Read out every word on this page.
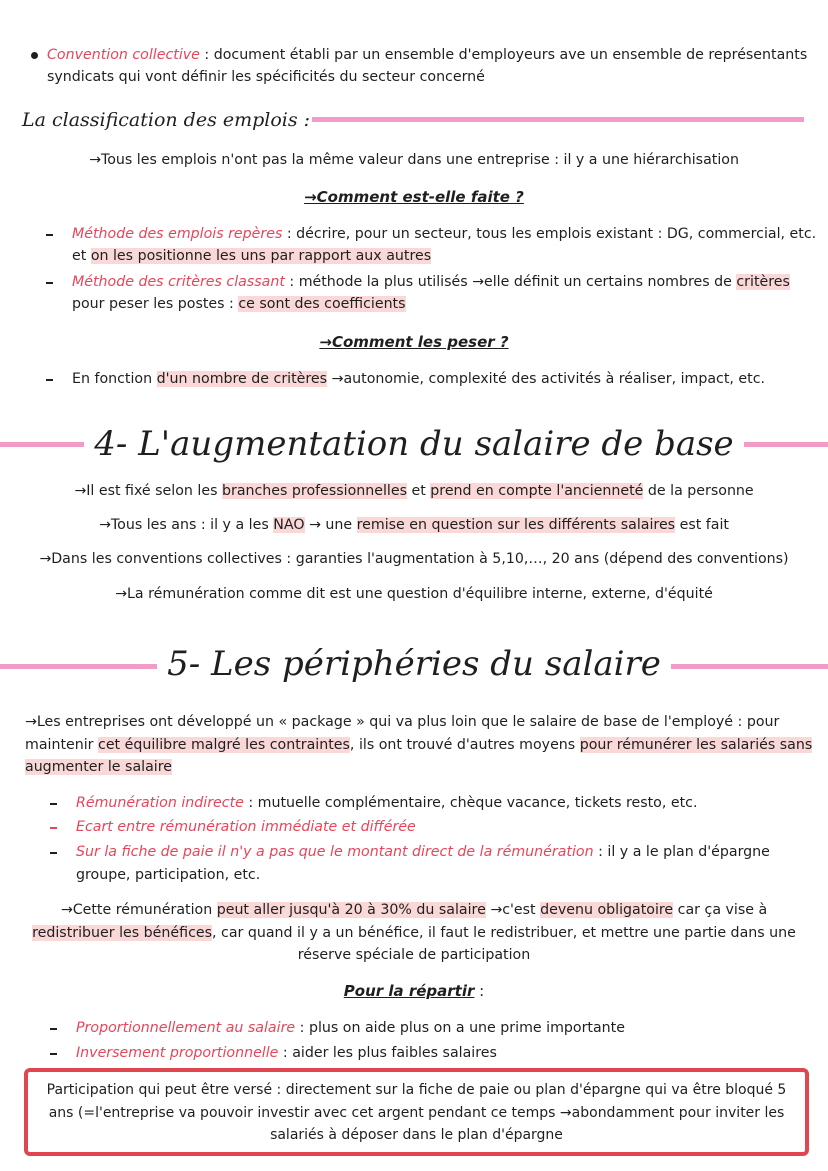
Convention collective : document établi par un ensemble d'employeurs ave un ensemble de représentants
syndicats qui vont définir les spécificités du secteur concerné
La classification des emplois :
→Tous les emplois n'ont pas la même valeur dans une entreprise : il y a une hiérarchisation
→Comment est-elle faite ?
Méthode des emplois repères : décrire, pour un secteur, tous les emplois existant : DG, commercial, etc.
et on les positionne les uns par rapport aux autres
Méthode des critères classant : méthode la plus utilisés →elle définit un certains nombres de critères
pour peser les postes : ce sont des coefficients
→Comment les peser ?
En fonction d'un nombre de critères →autonomie, complexité des activités à réaliser, impact, etc.
4- L'augmentation du salaire de base
→Il est fixé selon les branches professionnelles et prend en compte l'ancienneté de la personne
→Tous les ans : il y a les NAO → une remise en question sur les différents salaires est fait
→Dans les conventions collectives : garanties l'augmentation à 5,10,…, 20 ans (dépend des conventions)
→La rémunération comme dit est une question d'équilibre interne, externe, d'équité
5- Les périphéries du salaire
→Les entreprises ont développé un « package » qui va plus loin que le salaire de base de l'employé : pour
maintenir cet équilibre malgré les contraintes, ils ont trouvé d'autres moyens pour rémunérer les salariés sans
augmenter le salaire
Rémunération indirecte : mutuelle complémentaire, chèque vacance, tickets resto, etc.
Ecart entre rémunération immédiate et différée
Sur la fiche de paie il n'y a pas que le montant direct de la rémunération : il y a le plan d'épargne
groupe, participation, etc.
→Cette rémunération peut aller jusqu'à 20 à 30% du salaire →c'est devenu obligatoire car ça vise à
redistribuer les bénéfices, car quand il y a un bénéfice, il faut le redistribuer, et mettre une partie dans une
réserve spéciale de participation
Pour la répartir :
Proportionnellement au salaire : plus on aide plus on a une prime importante
Inversement proportionnelle : aider les plus faibles salaires

Participation qui peut être versé : directement sur la fiche de paie ou plan d'épargne qui va être bloqué 5

ans (=l'entreprise va pouvoir investir avec cet argent pendant ce temps →abondamment pour inviter les

salariés à déposer dans le plan d'épargne
